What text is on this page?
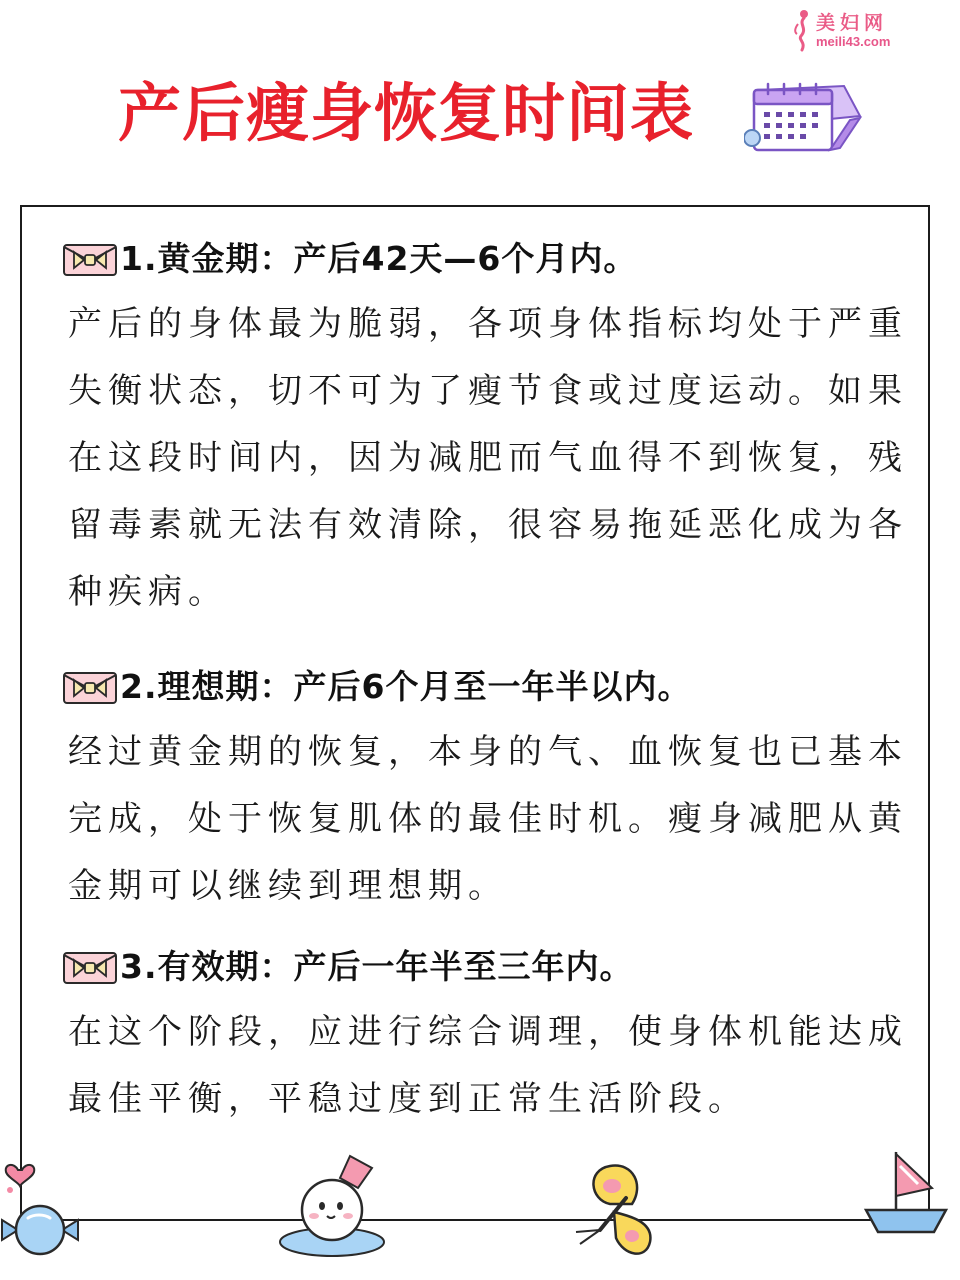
美妇网
meili43.com
产后瘦身恢复时间表
1.黄金期：产后42天—6个月内。
产后的身体最为脆弱，各项身体指标均处于严重失衡状态，切不可为了瘦节食或过度运动。如果在这段时间内，因为减肥而气血得不到恢复，残留毒素就无法有效清除，很容易拖延恶化成为各种疾病。
2.理想期：产后6个月至一年半以内。
经过黄金期的恢复，本身的气、血恢复也已基本完成，处于恢复肌体的最佳时机。瘦身减肥从黄金期可以继续到理想期。
3.有效期：产后一年半至三年内。
在这个阶段，应进行综合调理，使身体机能达成最佳平衡，平稳过度到正常生活阶段。
